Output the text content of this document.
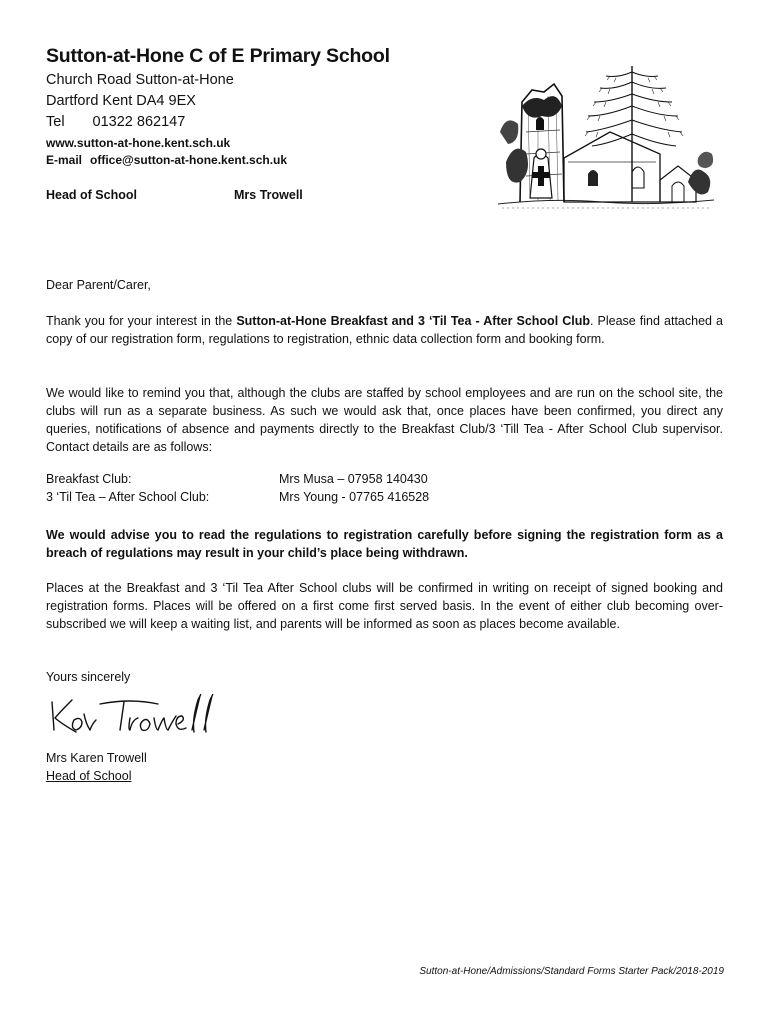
Sutton-at-Hone C of E Primary School
Church Road Sutton-at-Hone
Dartford Kent DA4 9EX
Tel 01322 862147
www.sutton-at-hone.kent.sch.uk
E-mail office@sutton-at-hone.kent.sch.uk
Head of School	Mrs Trowell
Dear Parent/Carer,
Thank you for your interest in the Sutton-at-Hone Breakfast and 3 ‘Til Tea - After School Club. Please find attached a copy of our registration form, regulations to registration, ethnic data collection form and booking form.
We would like to remind you that, although the clubs are staffed by school employees and are run on the school site, the clubs will run as a separate business. As such we would ask that, once places have been confirmed, you direct any queries, notifications of absence and payments directly to the Breakfast Club/3 ‘Till Tea - After School Club supervisor. Contact details are as follows:
Breakfast Club:	Mrs Musa – 07958 140430
3 ‘Til Tea – After School Club:	Mrs Young - 07765 416528
We would advise you to read the regulations to registration carefully before signing the registration form as a breach of regulations may result in your child’s place being withdrawn.
Places at the Breakfast and 3 ‘Til Tea After School clubs will be confirmed in writing on receipt of signed booking and registration forms. Places will be offered on a first come first served basis. In the event of either club becoming over-subscribed we will keep a waiting list, and parents will be informed as soon as places become available.
Yours sincerely
Mrs Karen Trowell
Head of School
Sutton-at-Hone/Admissions/Standard Forms Starter Pack/2018-2019
